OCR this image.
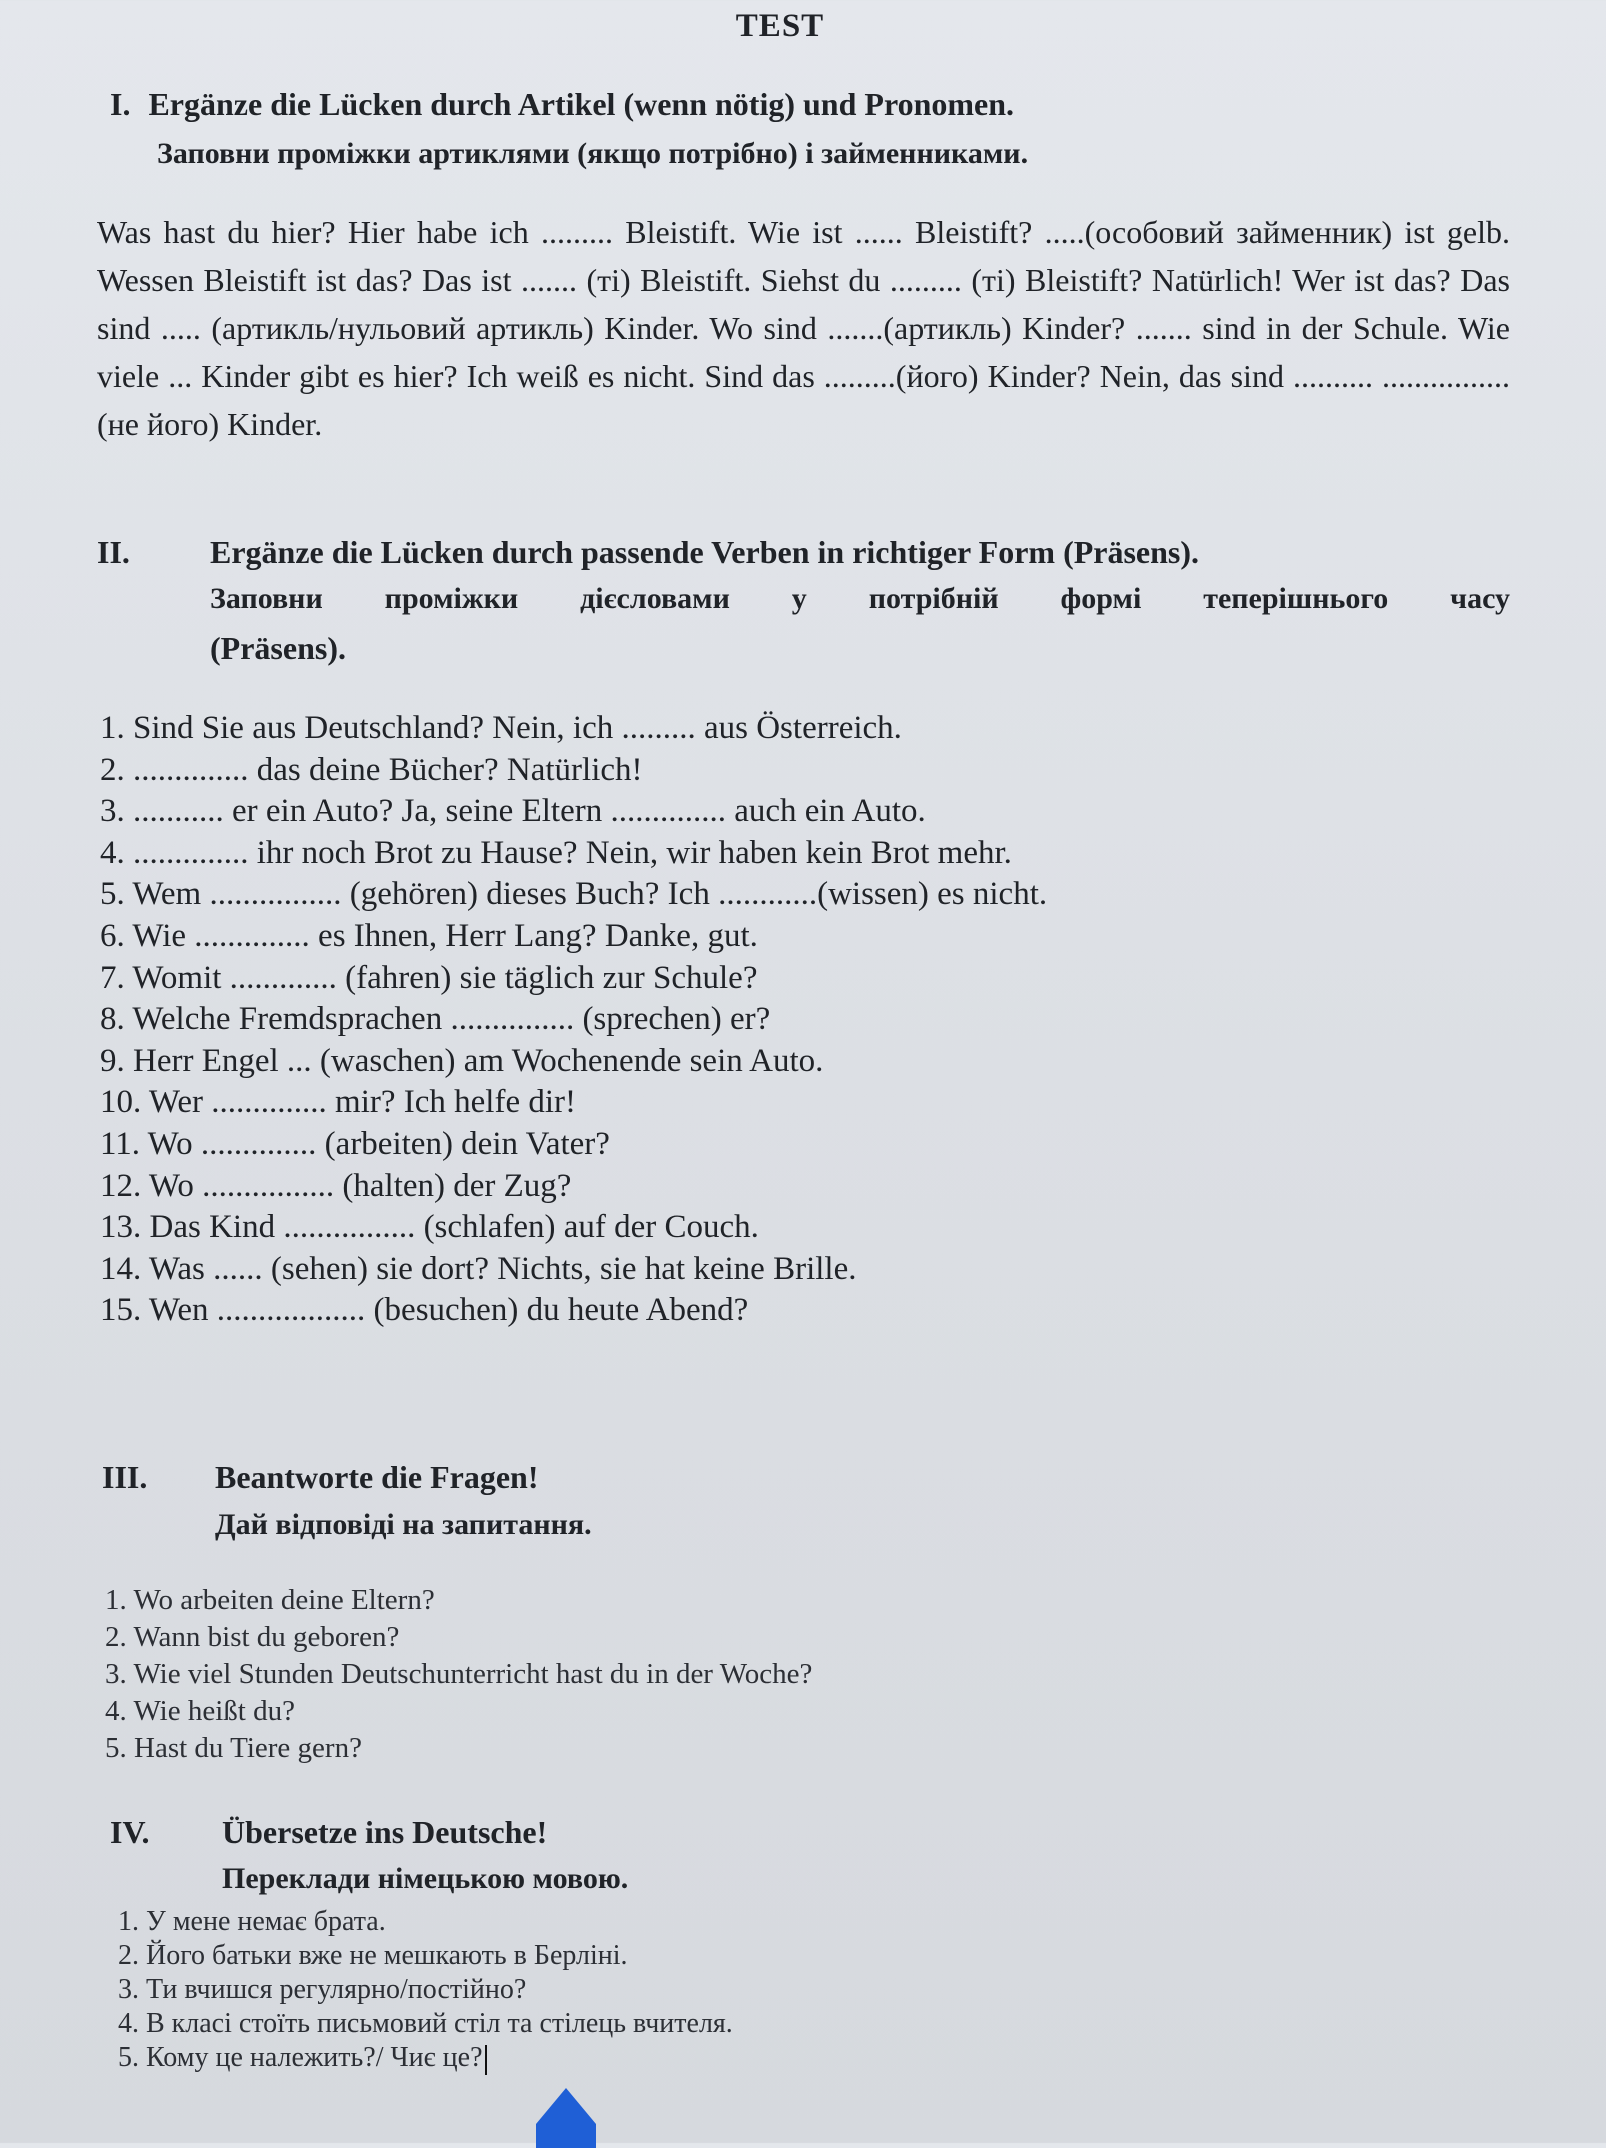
TEST
I. Ergänze die Lücken durch Artikel (wenn nötig) und Pronomen.
Заповни проміжки артиклями (якщо потрібно) і займенниками.
Was hast du hier? Hier habe ich ......... Bleistift. Wie ist ...... Bleistift? .....(особовий займенник) ist gelb. Wessen Bleistift ist das? Das ist ....... (ті) Bleistift. Siehst du ......... (ті) Bleistift? Natürlich! Wer ist das? Das sind ..... (артикль/нульовий артикль) Kinder. Wo sind .......(артикль) Kinder? ....... sind in der Schule. Wie viele ... Kinder gibt es hier? Ich weiß es nicht. Sind das .........(його) Kinder? Nein, das sind .......... ................(не його) Kinder.
II.	Ergänze die Lücken durch passende Verben in richtiger Form (Präsens).
Заповни проміжки дієсловами у потрібній формі теперішнього часу
(Präsens).
1. Sind Sie aus Deutschland? Nein, ich ......... aus Österreich.
2. .............. das deine Bücher? Natürlich!
3. ........... er ein Auto? Ja, seine Eltern .............. auch ein Auto.
4. .............. ihr noch Brot zu Hause? Nein, wir haben kein Brot mehr.
5. Wem ................ (gehören) dieses Buch? Ich ............(wissen) es nicht.
6. Wie .............. es Ihnen, Herr Lang? Danke, gut.
7. Womit ............. (fahren) sie täglich zur Schule?
8. Welche Fremdsprachen ............... (sprechen) er?
9. Herr Engel ... (waschen) am Wochenende sein Auto.
10. Wer .............. mir? Ich helfe dir!
11. Wo .............. (arbeiten) dein Vater?
12. Wo ................ (halten) der Zug?
13. Das Kind ................ (schlafen) auf der Couch.
14. Was ...... (sehen) sie dort? Nichts, sie hat keine Brille.
15. Wen .................. (besuchen) du heute Abend?
III. Beantworte die Fragen!
Дай відповіді на запитання.
1. Wo arbeiten deine Eltern?
2. Wann bist du geboren?
3. Wie viel Stunden Deutschunterricht hast du in der Woche?
4. Wie heißt du?
5. Hast du Tiere gern?
IV. Übersetze ins Deutsche!
Переклади німецькою мовою.
1. У мене немає брата.
2. Його батьки вже не мешкають в Берліні.
3. Ти вчишся регулярно/постійно?
4. В класі стоїть письмовий стіл та стілець вчителя.
5. Кому це належить?/ Чиє це?
